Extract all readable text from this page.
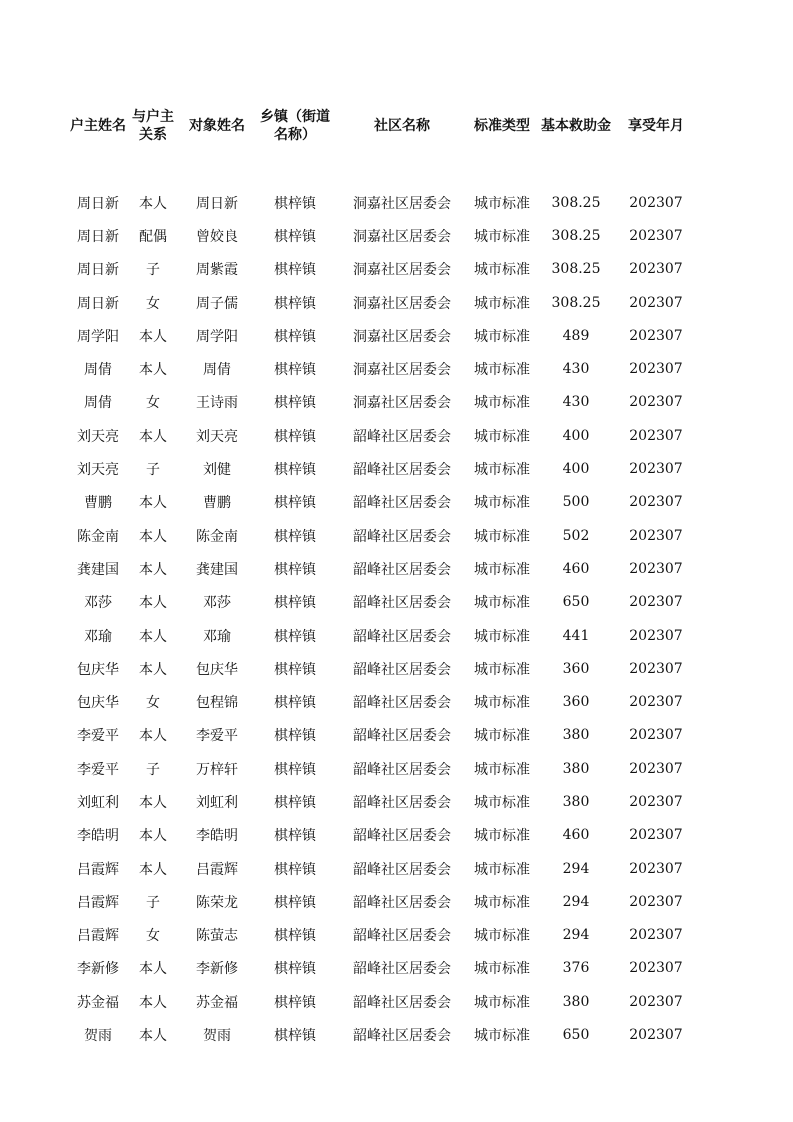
户主姓名	与户主关系	对象姓名	乡镇（街道名称）	社区名称	标准类型	基本救助金	享受年月

周日新	本人	周日新	棋梓镇	洞嘉社区居委会	城市标准	308.25	202307
周日新	配偶	曾姣良	棋梓镇	洞嘉社区居委会	城市标准	308.25	202307
周日新	子	周紫霞	棋梓镇	洞嘉社区居委会	城市标准	308.25	202307
周日新	女	周子儒	棋梓镇	洞嘉社区居委会	城市标准	308.25	202307
周学阳	本人	周学阳	棋梓镇	洞嘉社区居委会	城市标准	489	202307
周倩	本人	周倩	棋梓镇	洞嘉社区居委会	城市标准	430	202307
周倩	女	王诗雨	棋梓镇	洞嘉社区居委会	城市标准	430	202307
刘天亮	本人	刘天亮	棋梓镇	韶峰社区居委会	城市标准	400	202307
刘天亮	子	刘健	棋梓镇	韶峰社区居委会	城市标准	400	202307
曹鹏	本人	曹鹏	棋梓镇	韶峰社区居委会	城市标准	500	202307
陈金南	本人	陈金南	棋梓镇	韶峰社区居委会	城市标准	502	202307
龚建国	本人	龚建国	棋梓镇	韶峰社区居委会	城市标准	460	202307
邓莎	本人	邓莎	棋梓镇	韶峰社区居委会	城市标准	650	202307
邓瑜	本人	邓瑜	棋梓镇	韶峰社区居委会	城市标准	441	202307
包庆华	本人	包庆华	棋梓镇	韶峰社区居委会	城市标准	360	202307
包庆华	女	包程锦	棋梓镇	韶峰社区居委会	城市标准	360	202307
李爱平	本人	李爱平	棋梓镇	韶峰社区居委会	城市标准	380	202307
李爱平	子	万梓轩	棋梓镇	韶峰社区居委会	城市标准	380	202307
刘虹利	本人	刘虹利	棋梓镇	韶峰社区居委会	城市标准	380	202307
李皓明	本人	李皓明	棋梓镇	韶峰社区居委会	城市标准	460	202307
吕霞辉	本人	吕霞辉	棋梓镇	韶峰社区居委会	城市标准	294	202307
吕霞辉	子	陈荣龙	棋梓镇	韶峰社区居委会	城市标准	294	202307
吕霞辉	女	陈萤志	棋梓镇	韶峰社区居委会	城市标准	294	202307
李新修	本人	李新修	棋梓镇	韶峰社区居委会	城市标准	376	202307
苏金福	本人	苏金福	棋梓镇	韶峰社区居委会	城市标准	380	202307
贺雨	本人	贺雨	棋梓镇	韶峰社区居委会	城市标准	650	202307
